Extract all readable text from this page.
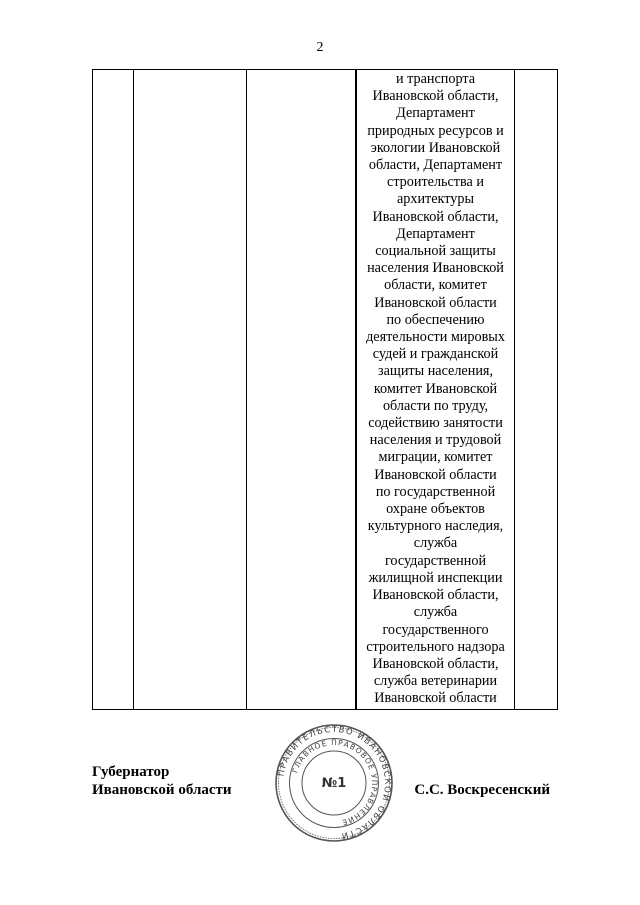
2

и транспорта
Ивановской области,
Департамент
природных ресурсов и
экологии Ивановской
области, Департамент
строительства и
архитектуры
Ивановской области,
Департамент
социальной защиты
населения Ивановской
области, комитет
Ивановской области
по обеспечению
деятельности мировых
судей и гражданской
защиты населения,
комитет Ивановской
области по труду,
содействию занятости
населения и трудовой
миграции, комитет
Ивановской области
по государственной
охране объектов
культурного наследия,
служба
государственной
жилищной инспекции
Ивановской области,
служба
государственного
строительного надзора
Ивановской области,
служба ветеринарии
Ивановской области

Губернатор
Ивановской области
ПРАВИТЕЛЬСТВО ИВАНОВСКОЙ ОБЛАСТИ
ГЛАВНОЕ ПРАВОВОЕ УПРАВЛЕНИЕ
№1	С.С. Воскресенский
